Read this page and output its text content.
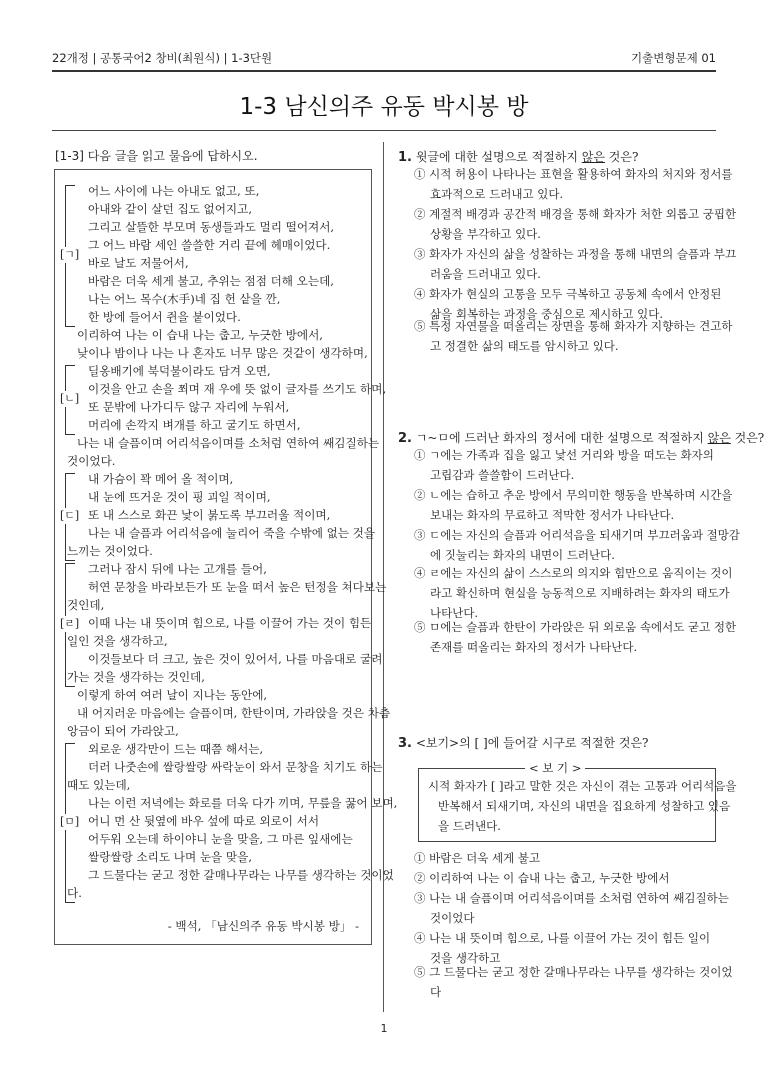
22개정 | 공통국어2 창비(최원식) | 1-3단원	기출변형문제 01
1-3 남신의주 유동 박시봉 방
[1-3] 다음 글을 읽고 물음에 답하시오.
어느 사이에 나는 아내도 없고, 또,
아내와 같이 살던 집도 없어지고,
그리고 살뜰한 부모며 동생들과도 멀리 떨어져서,
그 어느 바람 세인 쓸쓸한 거리 끝에 헤매이었다.
바로 날도 저물어서,
바람은 더욱 세게 불고, 추위는 점점 더해 오는데,
나는 어느 목수(木手)네 집 헌 샅을 깐,
한 방에 들어서 쥔을 붙이었다.
이리하여 나는 이 습내 나는 춥고, 누긋한 방에서,
낮이나 밤이나 나는 나 혼자도 너무 많은 것같이 생각하며,
딜옹배기에 북덕불이라도 담겨 오면,
이것을 안고 손을 쬐며 재 우에 뜻 없이 글자를 쓰기도 하며,
또 문밖에 나가디두 않구 자리에 누워서,
머리에 손깍지 벼개를 하고 굴기도 하면서,
나는 내 슬픔이며 어리석음이며를 소처럼 연하여 쌔김질하는
것이었다.
내 가슴이 꽉 메어 올 적이며,
내 눈에 뜨거운 것이 핑 괴일 적이며,
또 내 스스로 화끈 낯이 붉도록 부끄러울 적이며,
나는 내 슬픔과 어리석음에 눌리어 죽을 수밖에 없는 것을
느끼는 것이었다.
그러나 잠시 뒤에 나는 고개를 들어,
허연 문창을 바라보든가 또 눈을 떠서 높은 턴정을 쳐다보는
것인데,
이때 나는 내 뜻이며 힘으로, 나를 이끌어 가는 것이 힘든
일인 것을 생각하고,
이것들보다 더 크고, 높은 것이 있어서, 나를 마음대로 굴려
가는 것을 생각하는 것인데,
이렇게 하여 여러 날이 지나는 동안에,
내 어지러운 마음에는 슬픔이며, 한탄이며, 가라앉을 것은 차츰
앙금이 되어 가라앉고,
외로운 생각만이 드는 때쯤 해서는,
더러 나줏손에 쌀랑쌀랑 싸락눈이 와서 문창을 치기도 하는
때도 있는데,
나는 이런 저녁에는 화로를 더욱 다가 끼며, 무릎을 꿇어 보며,
어니 먼 산 뒷옆에 바우 섶에 따로 외로이 서서
어두워 오는데 하이야니 눈을 맞을, 그 마른 잎새에는
쌀랑쌀랑 소리도 나며 눈을 맞을,
그 드물다는 굳고 정한 갈매나무라는 나무를 생각하는 것이었
다.
[ㄱ]
[ㄴ]
[ㄷ]
[ㄹ]
[ㅁ]
- 백석, 「남신의주 유동 박시봉 방」 -
< 보 기 >
시적 화자가 [ ]라고 말한 것은 자신이 겪는 고통과 어리석음을
반복해서 되새기며, 자신의 내면을 집요하게 성찰하고 있음
을 드러낸다.
1
1. 윗글에 대한 설명으로 적절하지 않은 것은?
① 시적 허용이 나타나는 표현을 활용하여 화자의 처지와 정서를
효과적으로 드러내고 있다.
② 계절적 배경과 공간적 배경을 통해 화자가 처한 외롭고 궁핍한
상황을 부각하고 있다.
③ 화자가 자신의 삶을 성찰하는 과정을 통해 내면의 슬픔과 부끄
러움을 드러내고 있다.
④ 화자가 현실의 고통을 모두 극복하고 공동체 속에서 안정된
삶을 회복하는 과정을 중심으로 제시하고 있다.
⑤ 특정 자연물을 떠올리는 장면을 통해 화자가 지향하는 견고하
고 정결한 삶의 태도를 암시하고 있다.
2. ㄱ~ㅁ에 드러난 화자의 정서에 대한 설명으로 적절하지 않은 것은?
① ㄱ에는 가족과 집을 잃고 낯선 거리와 방을 떠도는 화자의
고립감과 쓸쓸함이 드러난다.
② ㄴ에는 습하고 추운 방에서 무의미한 행동을 반복하며 시간을
보내는 화자의 무료하고 적막한 정서가 나타난다.
③ ㄷ에는 자신의 슬픔과 어리석음을 되새기며 부끄러움과 절망감
에 짓눌리는 화자의 내면이 드러난다.
④ ㄹ에는 자신의 삶이 스스로의 의지와 힘만으로 움직이는 것이
라고 확신하며 현실을 능동적으로 지배하려는 화자의 태도가
나타난다.
⑤ ㅁ에는 슬픔과 한탄이 가라앉은 뒤 외로움 속에서도 굳고 정한
존재를 떠올리는 화자의 정서가 나타난다.
3. <보기>의 [ ]에 들어갈 시구로 적절한 것은?
① 바람은 더욱 세게 불고
② 이리하여 나는 이 습내 나는 춥고, 누긋한 방에서
③ 나는 내 슬픔이며 어리석음이며를 소처럼 연하여 쌔김질하는
것이었다
④ 나는 내 뜻이며 힘으로, 나를 이끌어 가는 것이 힘든 일이
것을 생각하고
⑤ 그 드물다는 굳고 정한 갈매나무라는 나무를 생각하는 것이었
다
